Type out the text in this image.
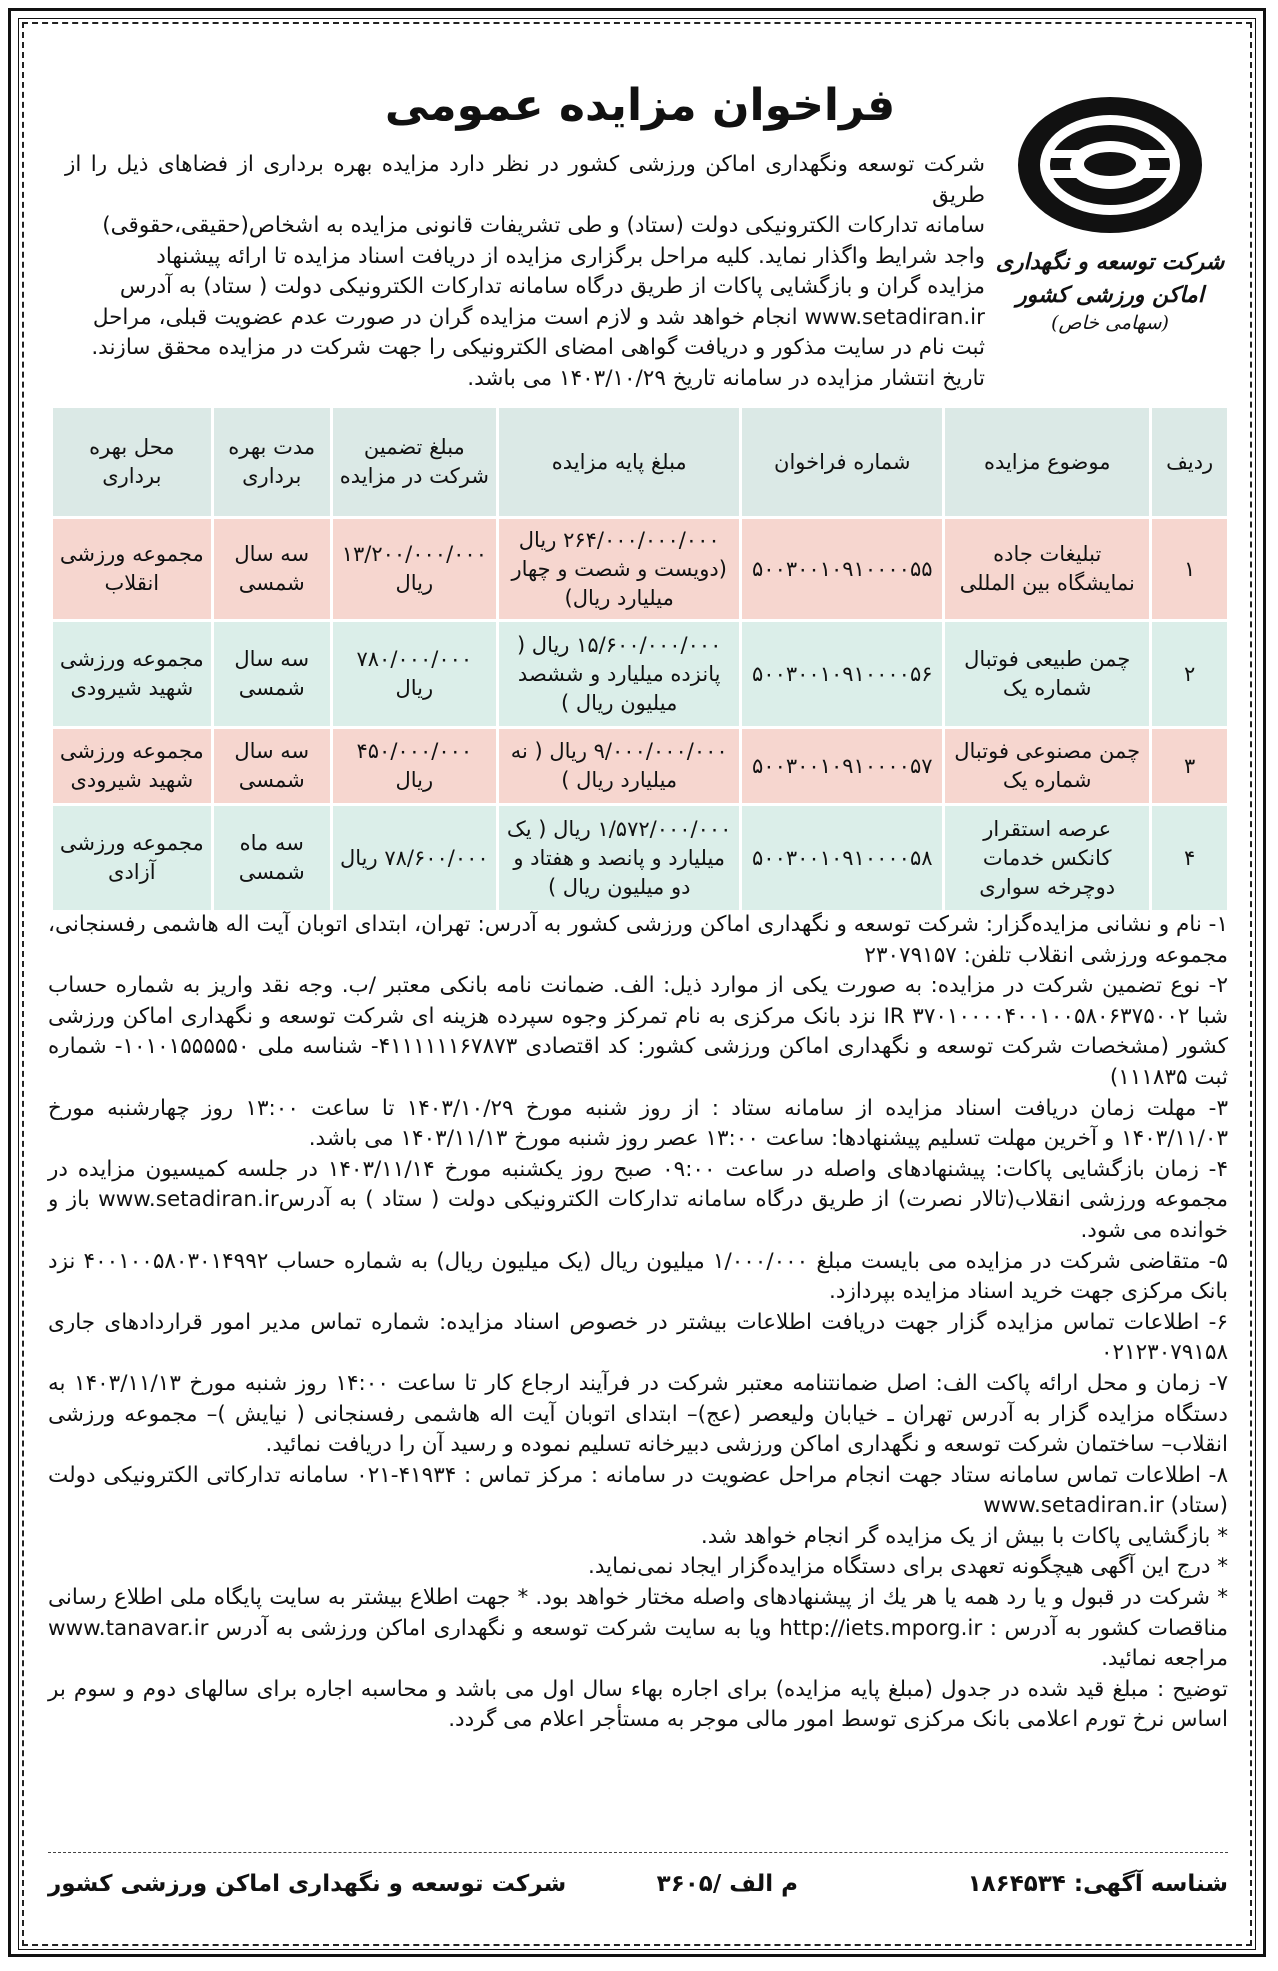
شرکت توسعه و نگهداری اماکن ورزشی کشور
(سهامی خاص)
فراخوان مزایده عمومی

شرکت توسعه ونگهداری اماکن ورزشی کشور در نظر دارد مزایده بهره برداری از فضاهای ذیل را از طریق

سامانه تدارکات الکترونیکی دولت (ستاد) و طی تشریفات قانونی مزایده به اشخاص(حقیقی،حقوقی)

واجد شرایط واگذار نماید. کلیه مراحل برگزاری مزایده از دریافت اسناد مزایده تا ارائه پیشنهاد

مزایده گران و بازگشایی پاکات از طریق درگاه سامانه تدارکات الکترونیکی دولت ( ستاد) به آدرس

www.setadiran.ir انجام خواهد شد و لازم است مزایده گران در صورت عدم عضویت قبلی، مراحل

ثبت نام در سایت مذکور و دریافت گواهی امضای الکترونیکی را جهت شرکت در مزایده محقق سازند.

تاریخ انتشار مزایده در سامانه تاریخ ۱۴۰۳/۱۰/۲۹ می باشد.

ردیف	موضوع مزایده	شماره فراخوان	مبلغ پایه مزایده	مبلغ تضمین شرکت در مزایده	مدت بهره برداری	محل بهره برداری
۱	تبلیغات جاده نمایشگاه بین المللی	۵۰۰۳۰۰۱۰۹۱۰۰۰۰۵۵	۲۶۴/۰۰۰/۰۰۰/۰۰۰ ریال (دویست و شصت و چهار میلیارد ریال)	۱۳/۲۰۰/۰۰۰/۰۰۰ ریال	سه سال شمسی	مجموعه ورزشی انقلاب
۲	چمن طبیعی فوتبال شماره یک	۵۰۰۳۰۰۱۰۹۱۰۰۰۰۵۶	۱۵/۶۰۰/۰۰۰/۰۰۰ ریال ( پانزده میلیارد و ششصد میلیون ریال )	۷۸۰/۰۰۰/۰۰۰ ریال	سه سال شمسی	مجموعه ورزشی شهید شیرودی
۳	چمن مصنوعی فوتبال شماره یک	۵۰۰۳۰۰۱۰۹۱۰۰۰۰۵۷	۹/۰۰۰/۰۰۰/۰۰۰ ریال ( نه میلیارد ریال )	۴۵۰/۰۰۰/۰۰۰ ریال	سه سال شمسی	مجموعه ورزشی شهید شیرودی
۴	عرصه استقرار کانکس خدمات دوچرخه سواری	۵۰۰۳۰۰۱۰۹۱۰۰۰۰۵۸	۱/۵۷۲/۰۰۰/۰۰۰ ریال ( یک میلیارد و پانصد و هفتاد و دو میلیون ریال )	۷۸/۶۰۰/۰۰۰ ریال	سه ماه شمسی	مجموعه ورزشی آزادی

۱- نام و نشانی مزایده‌گزار: شرکت توسعه و نگهداری اماکن ورزشی کشور به آدرس: تهران، ابتدای اتوبان آیت اله هاشمی رفسنجانی، مجموعه ورزشی انقلاب تلفن: ۲۳۰۷۹۱۵۷

۲- نوع تضمین شرکت در مزایده: به صورت یکی از موارد ذیل: الف. ضمانت نامه بانکی معتبر /ب. وجه نقد واریز به شماره حساب شبا IR ۳۷۰۱۰۰۰۰۴۰۰۱۰۰۵۸۰۶۳۷۵۰۰۲ نزد بانک مرکزی به نام تمرکز وجوه سپرده هزینه ای شرکت توسعه و نگهداری اماکن ورزشی کشور (مشخصات شرکت توسعه و نگهداری اماکن ورزشی کشور: کد اقتصادی ۴۱۱۱۱۱۱۶۷۸۷۳- شناسه ملی ۱۰۱۰۱۵۵۵۵۵۰- شماره ثبت ۱۱۱۸۳۵)

۳- مهلت زمان دریافت اسناد مزایده از سامانه ستاد : از روز شنبه مورخ ۱۴۰۳/۱۰/۲۹ تا ساعت ۱۳:۰۰ روز چهارشنبه مورخ ۱۴۰۳/۱۱/۰۳ و آخرین مهلت تسلیم پیشنهادها: ساعت ۱۳:۰۰ عصر روز شنبه مورخ ۱۴۰۳/۱۱/۱۳ می باشد.

۴- زمان بازگشایی پاکات: پیشنهادهای واصله در ساعت ۰۹:۰۰ صبح روز یکشنبه مورخ ۱۴۰۳/۱۱/۱۴ در جلسه کمیسیون مزایده در مجموعه ورزشی انقلاب(تالار نصرت) از طریق درگاه سامانه تدارکات الکترونیکی دولت ( ستاد ) به آدرسwww.setadiran.ir باز و خوانده می شود.

۵- متقاضی شرکت در مزایده می بایست مبلغ ۱/۰۰۰/۰۰۰ میلیون ریال (یک میلیون ریال) به شماره حساب ۴۰۰۱۰۰۵۸۰۳۰۱۴۹۹۲ نزد بانک مرکزی جهت خرید اسناد مزایده بپردازد.

۶- اطلاعات تماس مزایده گزار جهت دریافت اطلاعات بیشتر در خصوص اسناد مزایده: شماره تماس مدیر امور قراردادهای جاری ۰۲۱۲۳۰۷۹۱۵۸

۷- زمان و محل ارائه پاکت الف: اصل ضمانتنامه معتبر شرکت در فرآیند ارجاع کار تا ساعت ۱۴:۰۰ روز شنبه مورخ ۱۴۰۳/۱۱/۱۳ به دستگاه مزایده گزار به آدرس تهران ـ خیابان ولیعصر (عج)– ابتدای اتوبان آیت اله هاشمی رفسنجانی ( نیایش )– مجموعه ورزشی انقلاب– ساختمان شرکت توسعه و نگهداری اماکن ورزشی دبیرخانه تسلیم نموده و رسید آن را دریافت نمائید.

۸- اطلاعات تماس سامانه ستاد جهت انجام مراحل عضویت در سامانه : مرکز تماس : ۴۱۹۳۴-۰۲۱ سامانه تدارکاتی الکترونیکی دولت (ستاد) www.setadiran.ir

* بازگشایی پاکات با بیش از یک مزایده گر انجام خواهد شد.

* درج این آگهی هیچگونه تعهدی برای دستگاه مزایده‌گزار ایجاد نمی‌نماید.

* شرکت در قبول و یا رد همه یا هر یك از پیشنهادهای واصله مختار خواهد بود. * جهت اطلاع بیشتر به سایت پایگاه ملی اطلاع رسانی مناقصات کشور به آدرس : http://iets.mporg.ir ویا به سایت شرکت توسعه و نگهداری اماکن ورزشی به آدرس www.tanavar.ir مراجعه نمائید.

توضیح : مبلغ قید شده در جدول (مبلغ پایه مزایده) برای اجاره بهاء سال اول می باشد و محاسبه اجاره برای سالهای دوم و سوم بر اساس نرخ تورم اعلامی بانک مرکزی توسط امور مالی موجر به مستأجر اعلام می گردد.

شناسه آگهی: ۱۸۶۴۵۳۴
م الف /۳۶۰۵
شرکت توسعه و نگهداری اماکن ورزشی کشور
